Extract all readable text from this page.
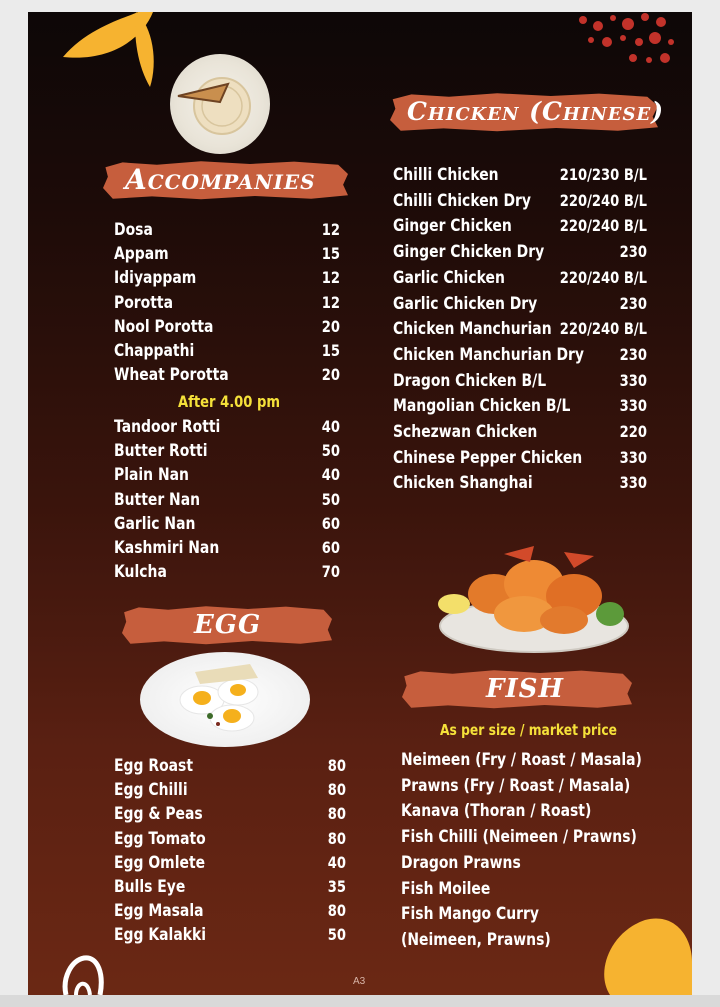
Accompanies
Dosa	12
Appam	15
Idiyappam	12
Porotta	12
Nool Porotta	20
Chappathi	15
Wheat Porotta	20
After 4.00 pm
Tandoor Rotti	40
Butter Rotti	50
Plain Nan	40
Butter Nan	50
Garlic Nan	60
Kashmiri Nan	60
Kulcha	70
EGG
Egg Roast	80
Egg Chilli	80
Egg & Peas	80
Egg Tomato	80
Egg Omlete	40
Bulls Eye	35
Egg Masala	80
Egg Kalakki	50
Chicken (Chinese)
Chilli Chicken	210/230 B/L
Chilli Chicken Dry	220/240 B/L
Ginger Chicken	220/240 B/L
Ginger Chicken Dry	230
Garlic Chicken	220/240 B/L
Garlic Chicken Dry	230
Chicken Manchurian 220/240 B/L
Chicken Manchurian Dry	230
Dragon Chicken B/L	330
Mangolian Chicken B/L	330
Schezwan Chicken	220
Chinese Pepper Chicken	330
Chicken Shanghai	330
FISH
As per size / market price
Neimeen (Fry / Roast / Masala)
Prawns (Fry / Roast / Masala)
Kanava (Thoran / Roast)
Fish Chilli (Neimeen / Prawns)
Dragon Prawns
Fish Moilee
Fish Mango Curry
(Neimeen, Prawns)
A3
